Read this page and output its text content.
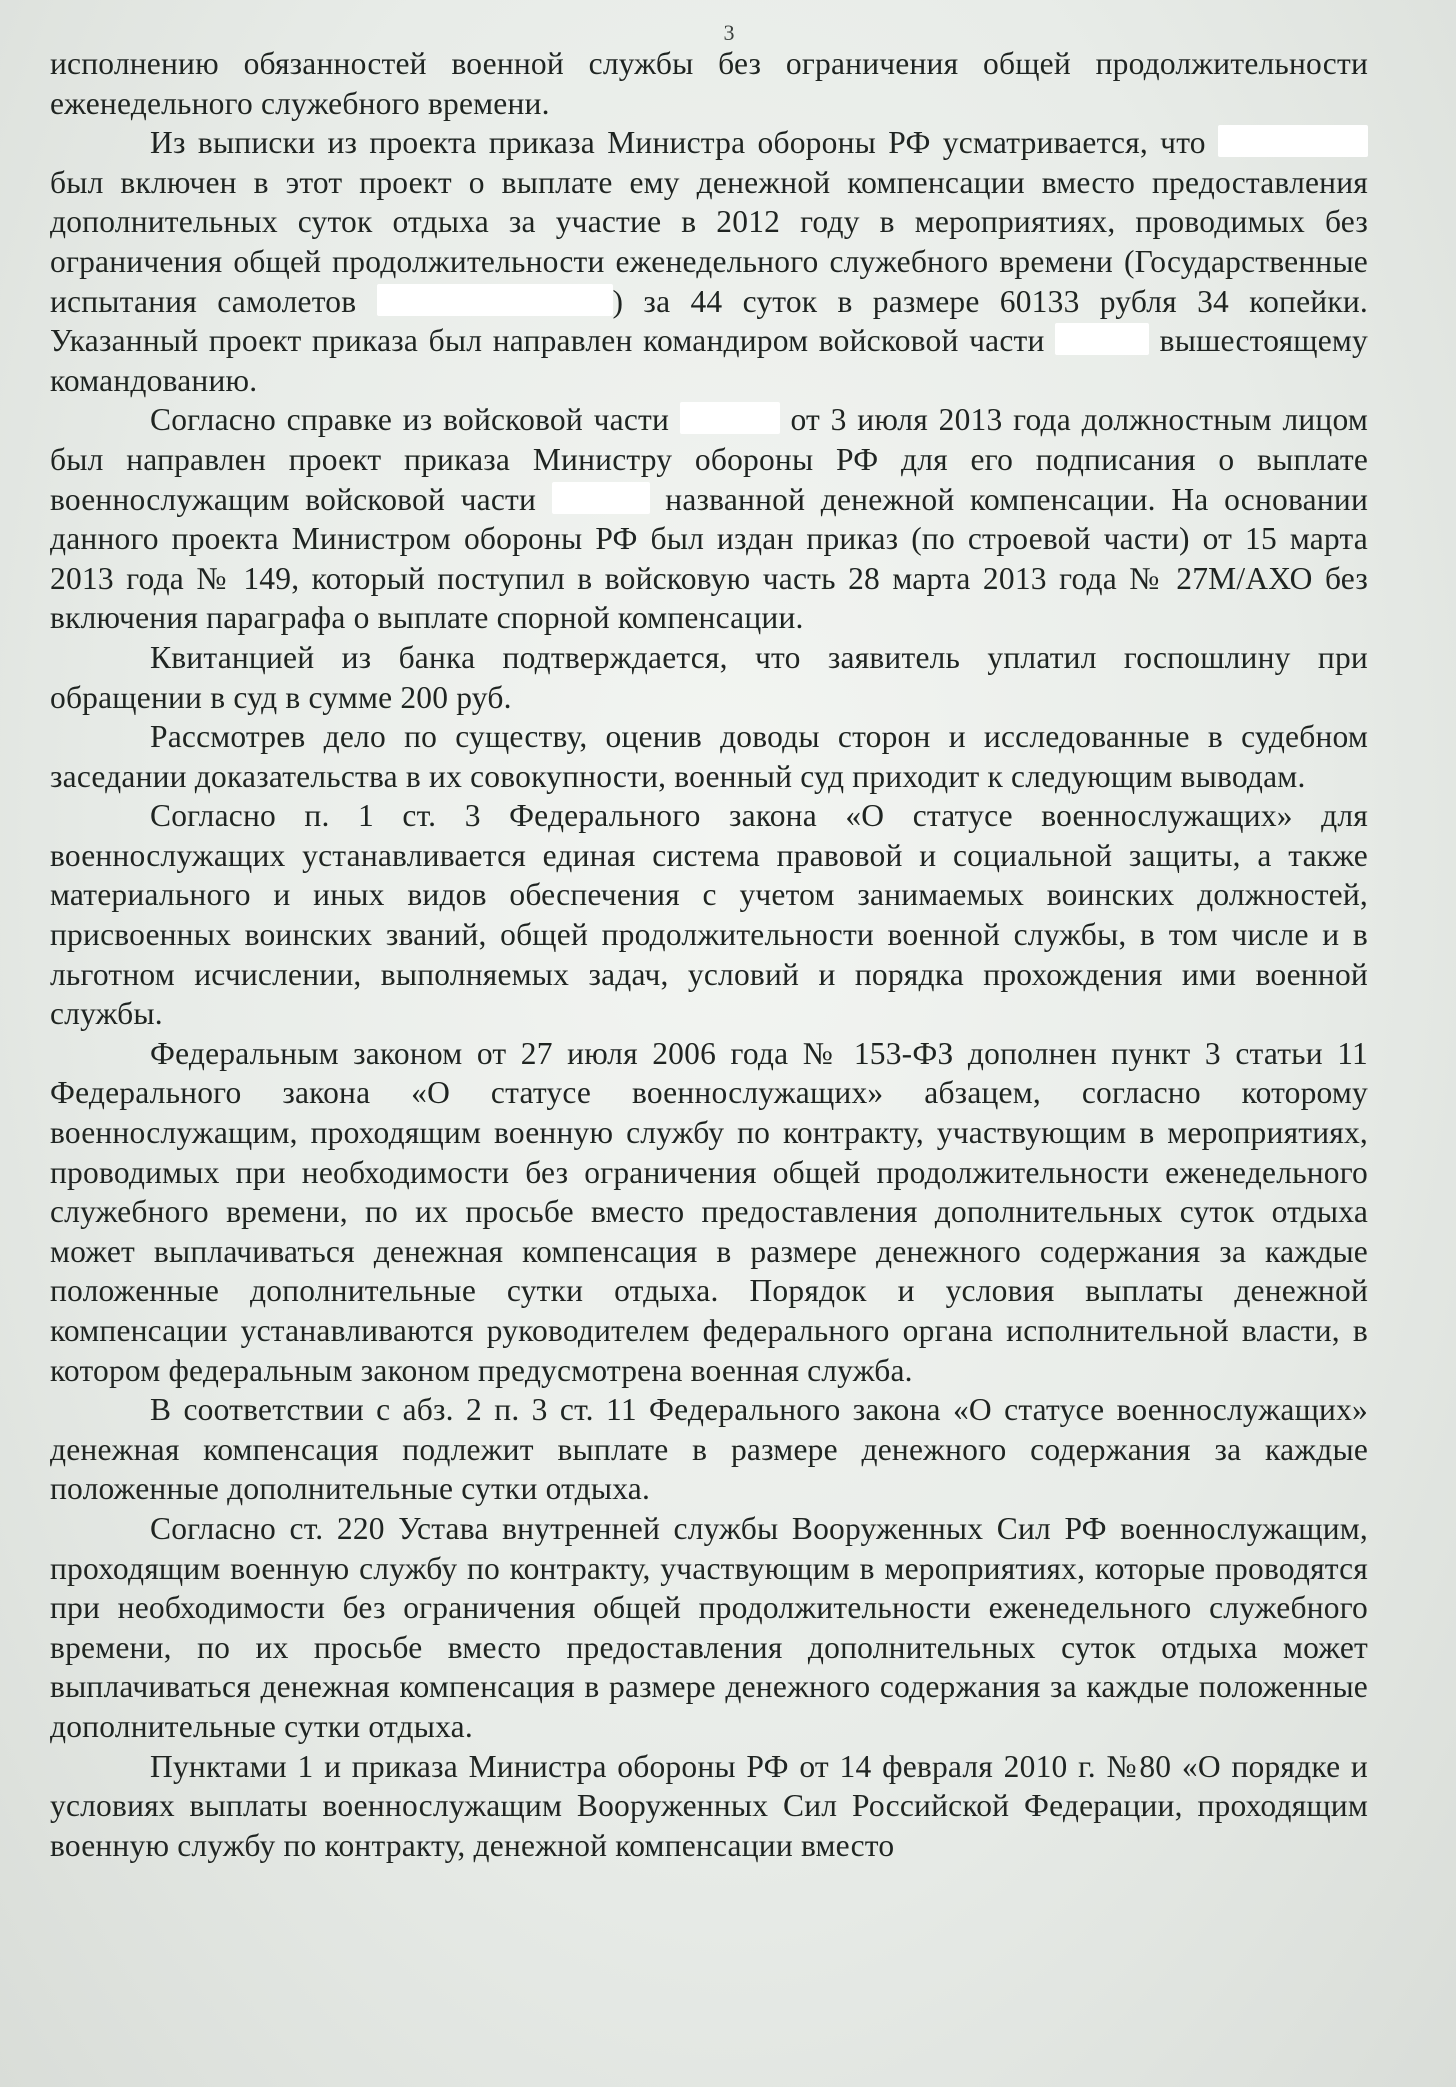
3

исполнению обязанностей военной службы без ограничения общей продолжительности еженедельного служебного времени.

Из выписки из проекта приказа Министра обороны РФ усматривается, что  был включен в этот проект о выплате ему денежной компенсации вместо предоставления дополнительных суток отдыха за участие в 2012 году в мероприятиях, проводимых без ограничения общей продолжительности еженедельного служебного времени (Государственные испытания самолетов	) за 44 суток в размере 60133 рубля 34 копейки. Указанный проект приказа был направлен командиром войсковой части	вышестоящему командованию.

Согласно справке из войсковой части	от 3 июля 2013 года должностным лицом был направлен проект приказа Министру обороны РФ для его подписания о выплате военнослужащим войсковой части	названной денежной компенсации. На основании данного проекта Министром обороны РФ был издан приказ (по строевой части) от 15 марта 2013 года № 149, который поступил в войсковую часть 28 марта 2013 года № 27М/АХО без включения параграфа о выплате спорной компенсации.

Квитанцией из банка подтверждается, что заявитель уплатил госпошлину при обращении в суд в сумме 200 руб.

Рассмотрев дело по существу, оценив доводы сторон и исследованные в судебном заседании доказательства в их совокупности, военный суд приходит к следующим выводам.

Согласно п. 1 ст. 3 Федерального закона «О статусе военнослужащих» для военнослужащих устанавливается единая система правовой и социальной защиты, а также материального и иных видов обеспечения с учетом занимаемых воинских должностей, присвоенных воинских званий, общей продолжительности военной службы, в том числе и в льготном исчислении, выполняемых задач, условий и порядка прохождения ими военной службы.

Федеральным законом от 27 июля 2006 года № 153-ФЗ дополнен пункт 3 статьи 11 Федерального закона «О статусе военнослужащих» абзацем, согласно которому военнослужащим, проходящим военную службу по контракту, участвующим в мероприятиях, проводимых при необходимости без ограничения общей продолжительности еженедельного служебного времени, по их просьбе вместо предоставления дополнительных суток отдыха может выплачиваться денежная компенсация в размере денежного содержания за каждые положенные дополнительные сутки отдыха. Порядок и условия выплаты денежной компенсации устанавливаются руководителем федерального органа исполнительной власти, в котором федеральным законом предусмотрена военная служба.

В соответствии с абз. 2 п. 3 ст. 11 Федерального закона «О статусе военнослужащих» денежная компенсация подлежит выплате в размере денежного содержания за каждые положенные дополнительные сутки отдыха.

Согласно ст. 220 Устава внутренней службы Вооруженных Сил РФ военнослужащим, проходящим военную службу по контракту, участвующим в мероприятиях, которые проводятся при необходимости без ограничения общей продолжительности еженедельного служебного времени, по их просьбе вместо предоставления дополнительных суток отдыха может выплачиваться денежная компенсация в размере денежного содержания за каждые положенные дополнительные сутки отдыха.

Пунктами 1 и приказа Министра обороны РФ от 14 февраля 2010 г. №80 «О порядке и условиях выплаты военнослужащим Вооруженных Сил Российской Федерации, проходящим военную службу по контракту, денежной компенсации вместо
